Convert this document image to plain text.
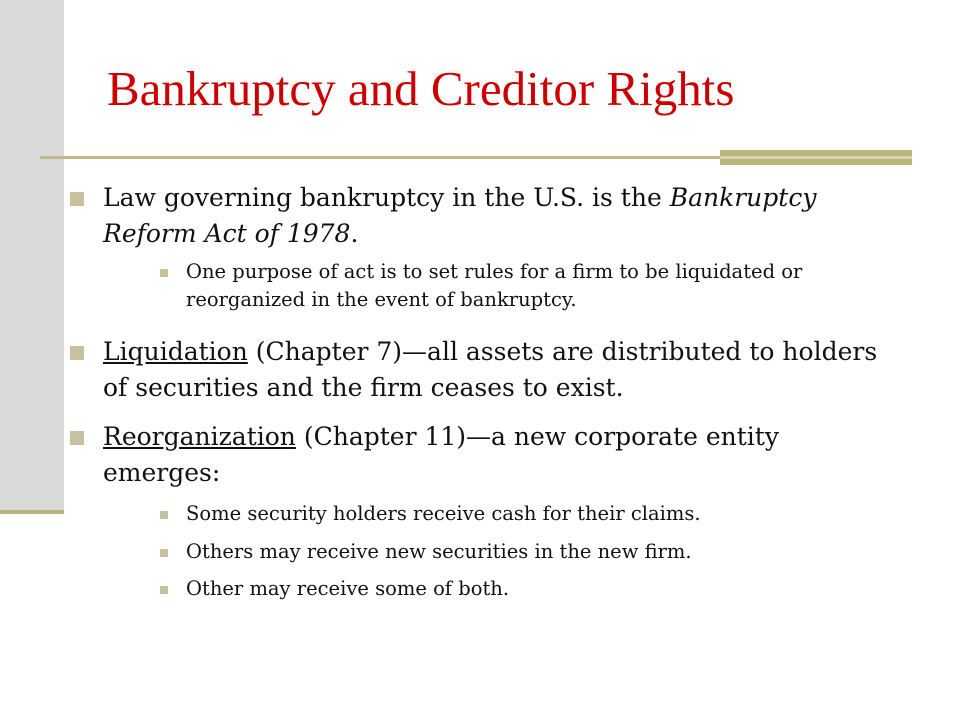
Bankruptcy and Creditor Rights
Law governing bankruptcy in the U.S. is the Bankruptcy Reform Act of 1978.
One purpose of act is to set rules for a firm to be liquidated or reorganized in the event of bankruptcy.
Liquidation (Chapter 7)—all assets are distributed to holders of securities and the firm ceases to exist.
Reorganization (Chapter 11)—a new corporate entity emerges:
Some security holders receive cash for their claims.
Others may receive new securities in the new firm.
Other may receive some of both.
